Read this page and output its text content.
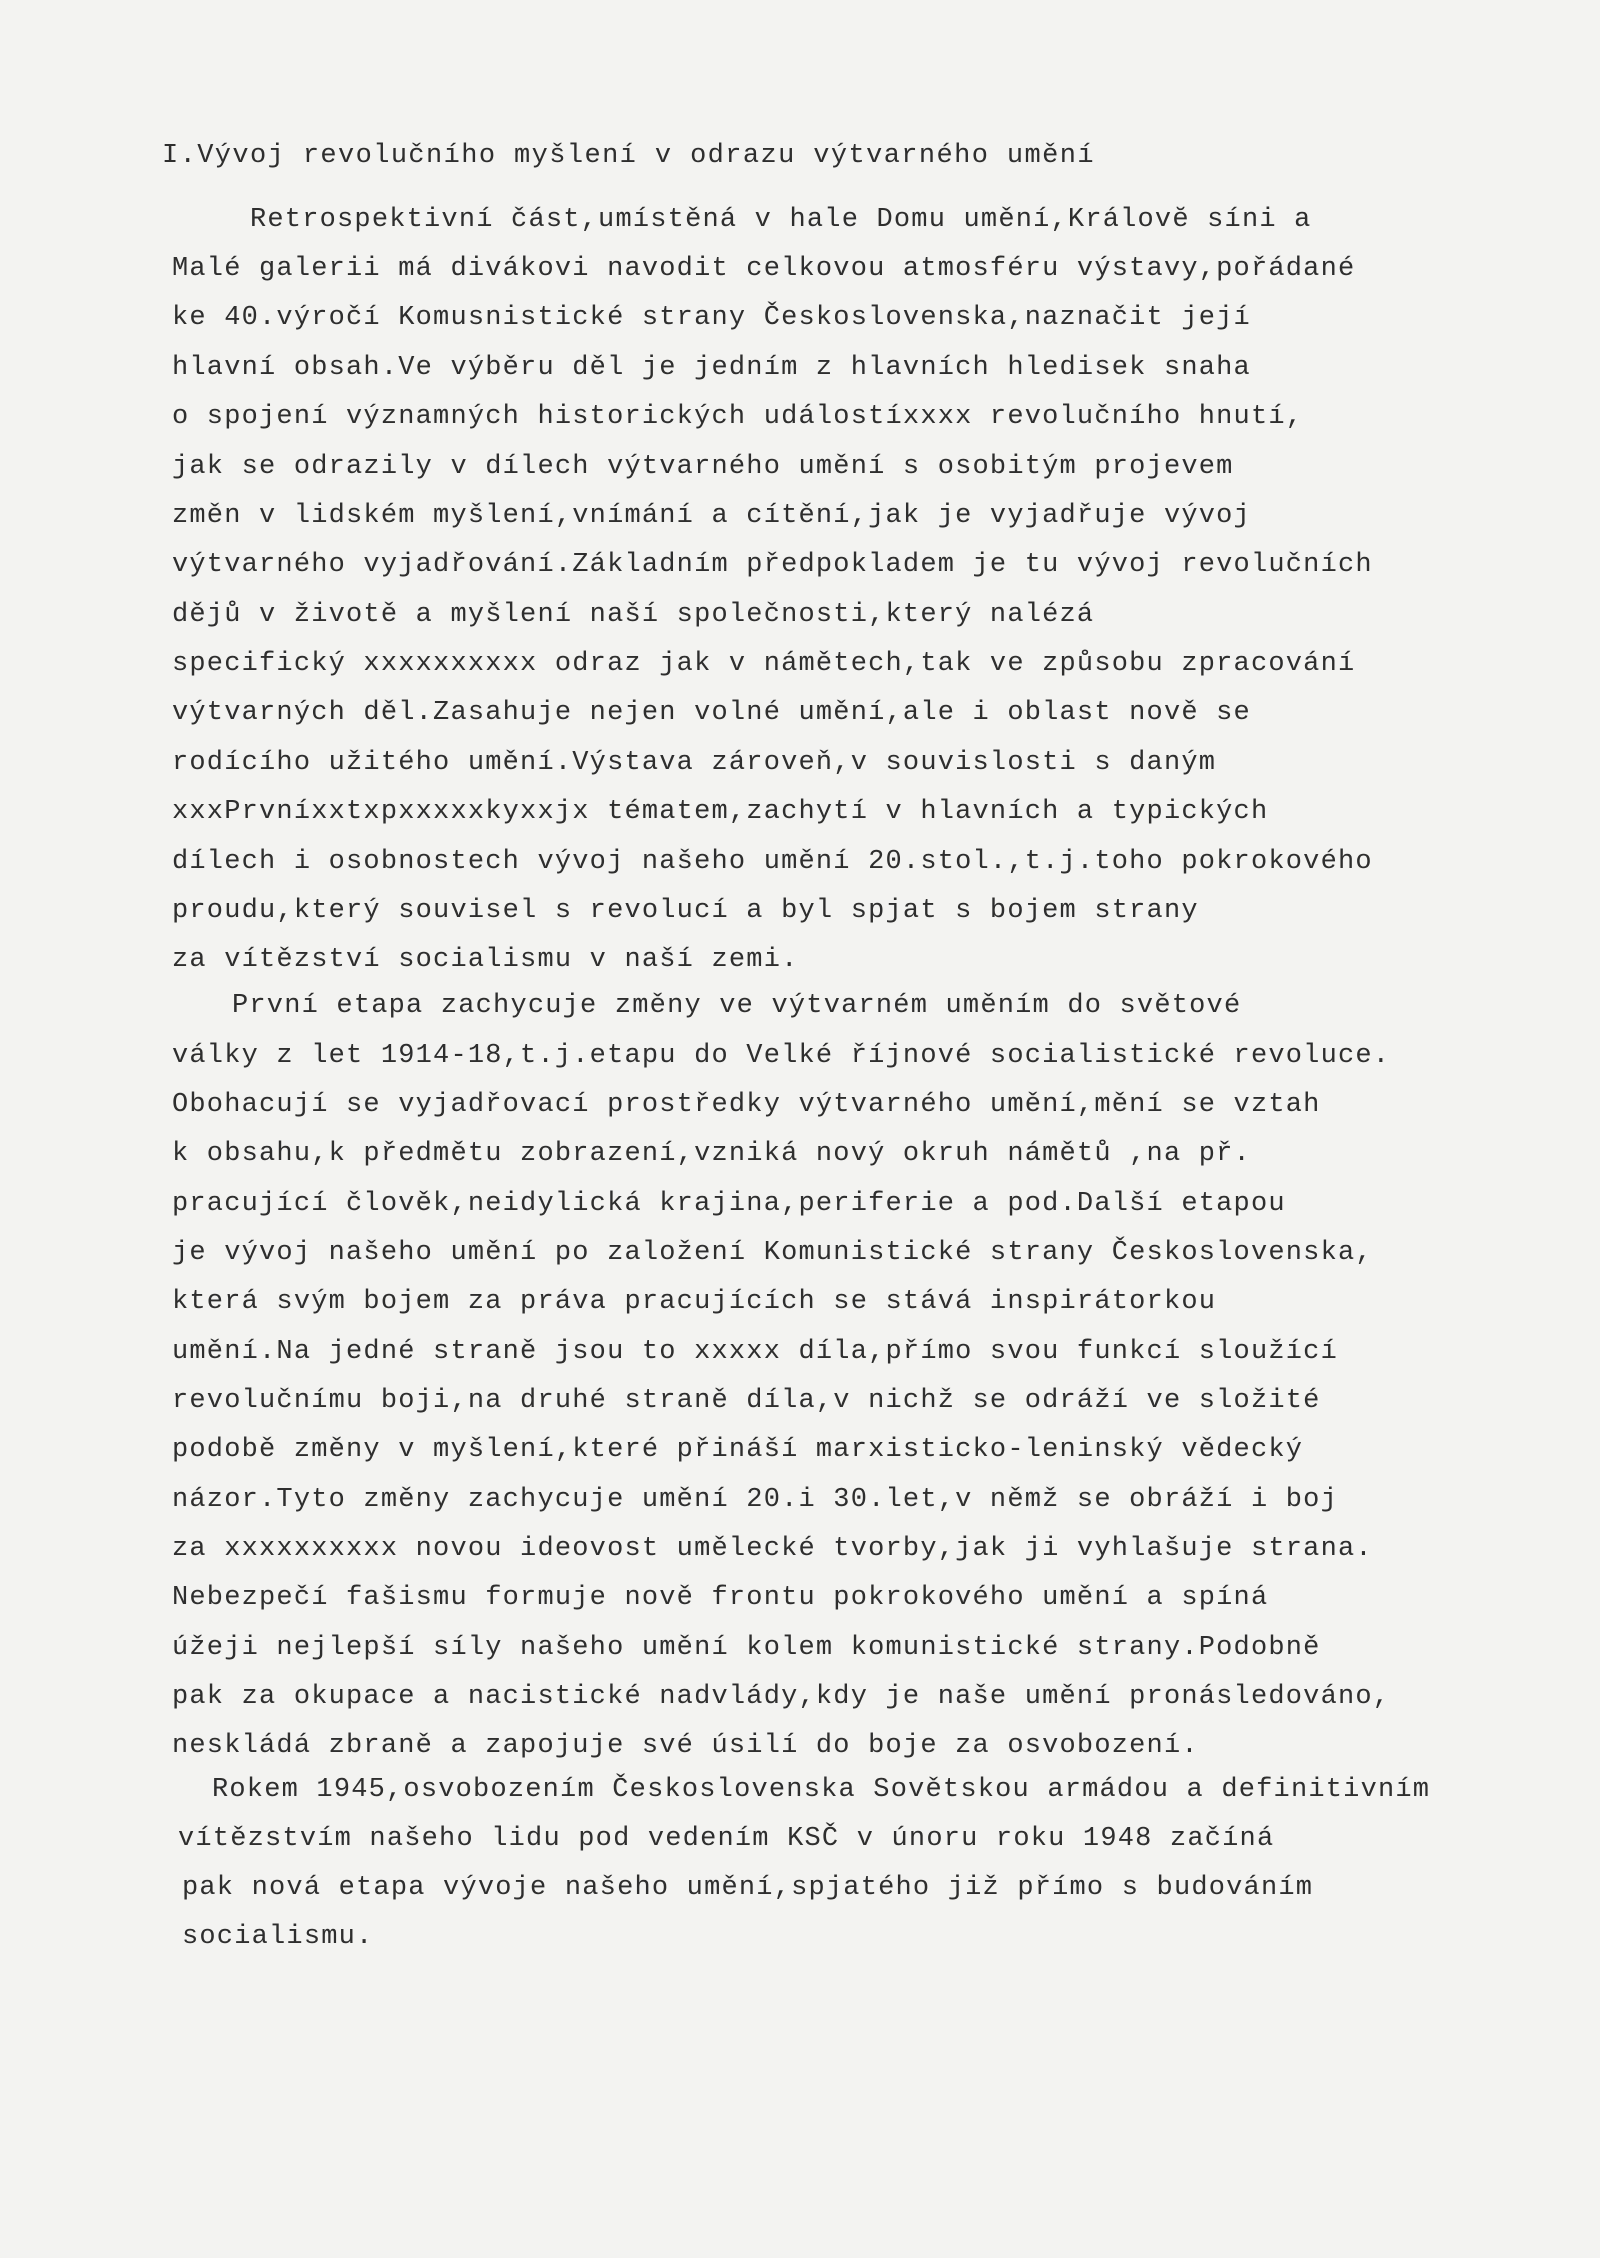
I.Vývoj revolučního myšlení v odrazu výtvarného umění
Retrospektivní část,umístěná v hale Domu umění,Královĕ síni a
Malé galerii má divákovi navodit celkovou atmosféru výstavy,pořádané
ke 40.výročí Komusnistické strany Československa,naznačit její
hlavní obsah.Ve výběru děl je jedním z hlavních hledisek snaha
o spojení významných historických událostíxxxx revolučního hnutí,
jak se odrazily v dílech výtvarného umění s osobitým projevem
změn v lidském myšlení,vnímání a cítění,jak je vyjadřuje vývoj
výtvarného vyjadřování.Základním předpokladem je tu vývoj revolučních
dějů v životě a myšlení naší společnosti,který nalézá
specifický xxxxxxxxxx odraz jak v námětech,tak ve způsobu zpracování
výtvarných děl.Zasahuje nejen volné umění,ale i oblast nově se
rodícího užitého umění.Výstava zároveň,v souvislosti s daným
xxxPrvníxxtxpxxxxxkyxxjx tématem,zachytí v hlavních a typických
dílech i osobnostech vývoj našeho umění 20.stol.,t.j.toho pokrokového
proudu,který souvisel s revolucí a byl spjat s bojem strany
za vítězství socialismu v naší zemi.
První etapa zachycuje změny ve výtvarném uměním do světové
války z let 1914-18,t.j.etapu do Velké říjnové socialistické revoluce.
Obohacují se vyjadřovací prostředky výtvarného umění,mění se vztah
k obsahu,k předmětu zobrazení,vzniká nový okruh námětů ,na př.
pracující člověk,neidylická krajina,periferie a pod.Další etapou
je vývoj našeho umění po založení Komunistické strany Československa,
která svým bojem za práva pracujících se stává inspirátorkou
umění.Na jedné straně jsou to xxxxx díla,přímo svou funkcí sloužící
revolučnímu boji,na druhé straně díla,v nichž se odráží ve složité
podobě změny v myšlení,které přináší marxisticko-leninský vědecký
názor.Tyto změny zachycuje umění 20.i 30.let,v němž se obráží i boj
za xxxxxxxxxx novou ideovost umělecké tvorby,jak ji vyhlašuje strana.
Nebezpečí fašismu formuje nově frontu pokrokového umění a spíná
úžeji nejlepší síly našeho umění kolem komunistické strany.Podobně
pak za okupace a nacistické nadvlády,kdy je naše umění pronásledováno,
neskládá zbraně a zapojuje své úsilí do boje za osvobození.
Rokem 1945,osvobozením Československa Sovětskou armádou a definitivním
vítězstvím našeho lidu pod vedením KSČ v únoru roku 1948 začíná
pak nová etapa vývoje našeho umění,spjatého již přímo s budováním
socialismu.
